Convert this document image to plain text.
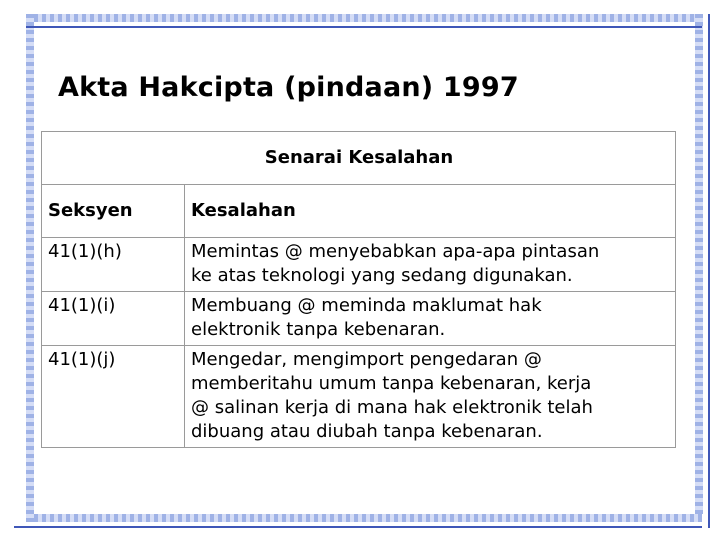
Akta Hakcipta (pindaan) 1997
Senarai Kesalahan	
Seksyen	Kesalahan
41(1)(h)	Memintas @ menyebabkan apa-apa pintasan
ke atas teknologi yang sedang digunakan.

41(1)(i)	Membuang @ meminda maklumat hak
elektronik tanpa kebenaran.

41(1)(j)	Mengedar, mengimport pengedaran @
memberitahu umum tanpa kebenaran, kerja
@ salinan kerja di mana hak elektronik telah
dibuang atau diubah tanpa kebenaran.
